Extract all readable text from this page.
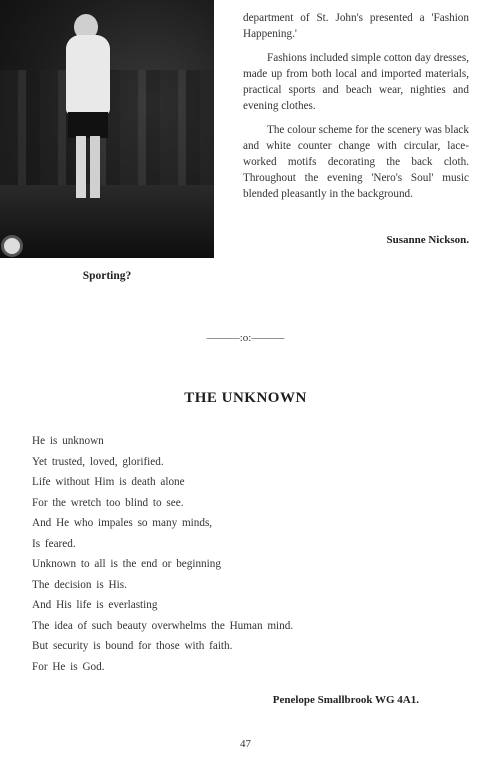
Sporting?

department of St. John's presented a 'Fashion Happening.'

Fashions included simple cotton day dresses, made up from both local and imported materials, practical sports and beach wear, nighties and evening clothes.

The colour scheme for the scenery was black and white counter change with circular, lace-worked motifs decorating the back cloth. Throughout the evening 'Nero's Soul' music blended pleasantly in the background.

Susanne Nickson.
———:o:———
THE UNKNOWN
He is unknown
Yet trusted, loved, glorified.
Life without Him is death alone
For the wretch too blind to see.
And He who impales so many minds,
Is feared.
Unknown to all is the end or beginning
The decision is His.
And His life is everlasting
The idea of such beauty overwhelms the Human mind.
But security is bound for those with faith.
For He is God.
Penelope Smallbrook WG 4A1.
47
